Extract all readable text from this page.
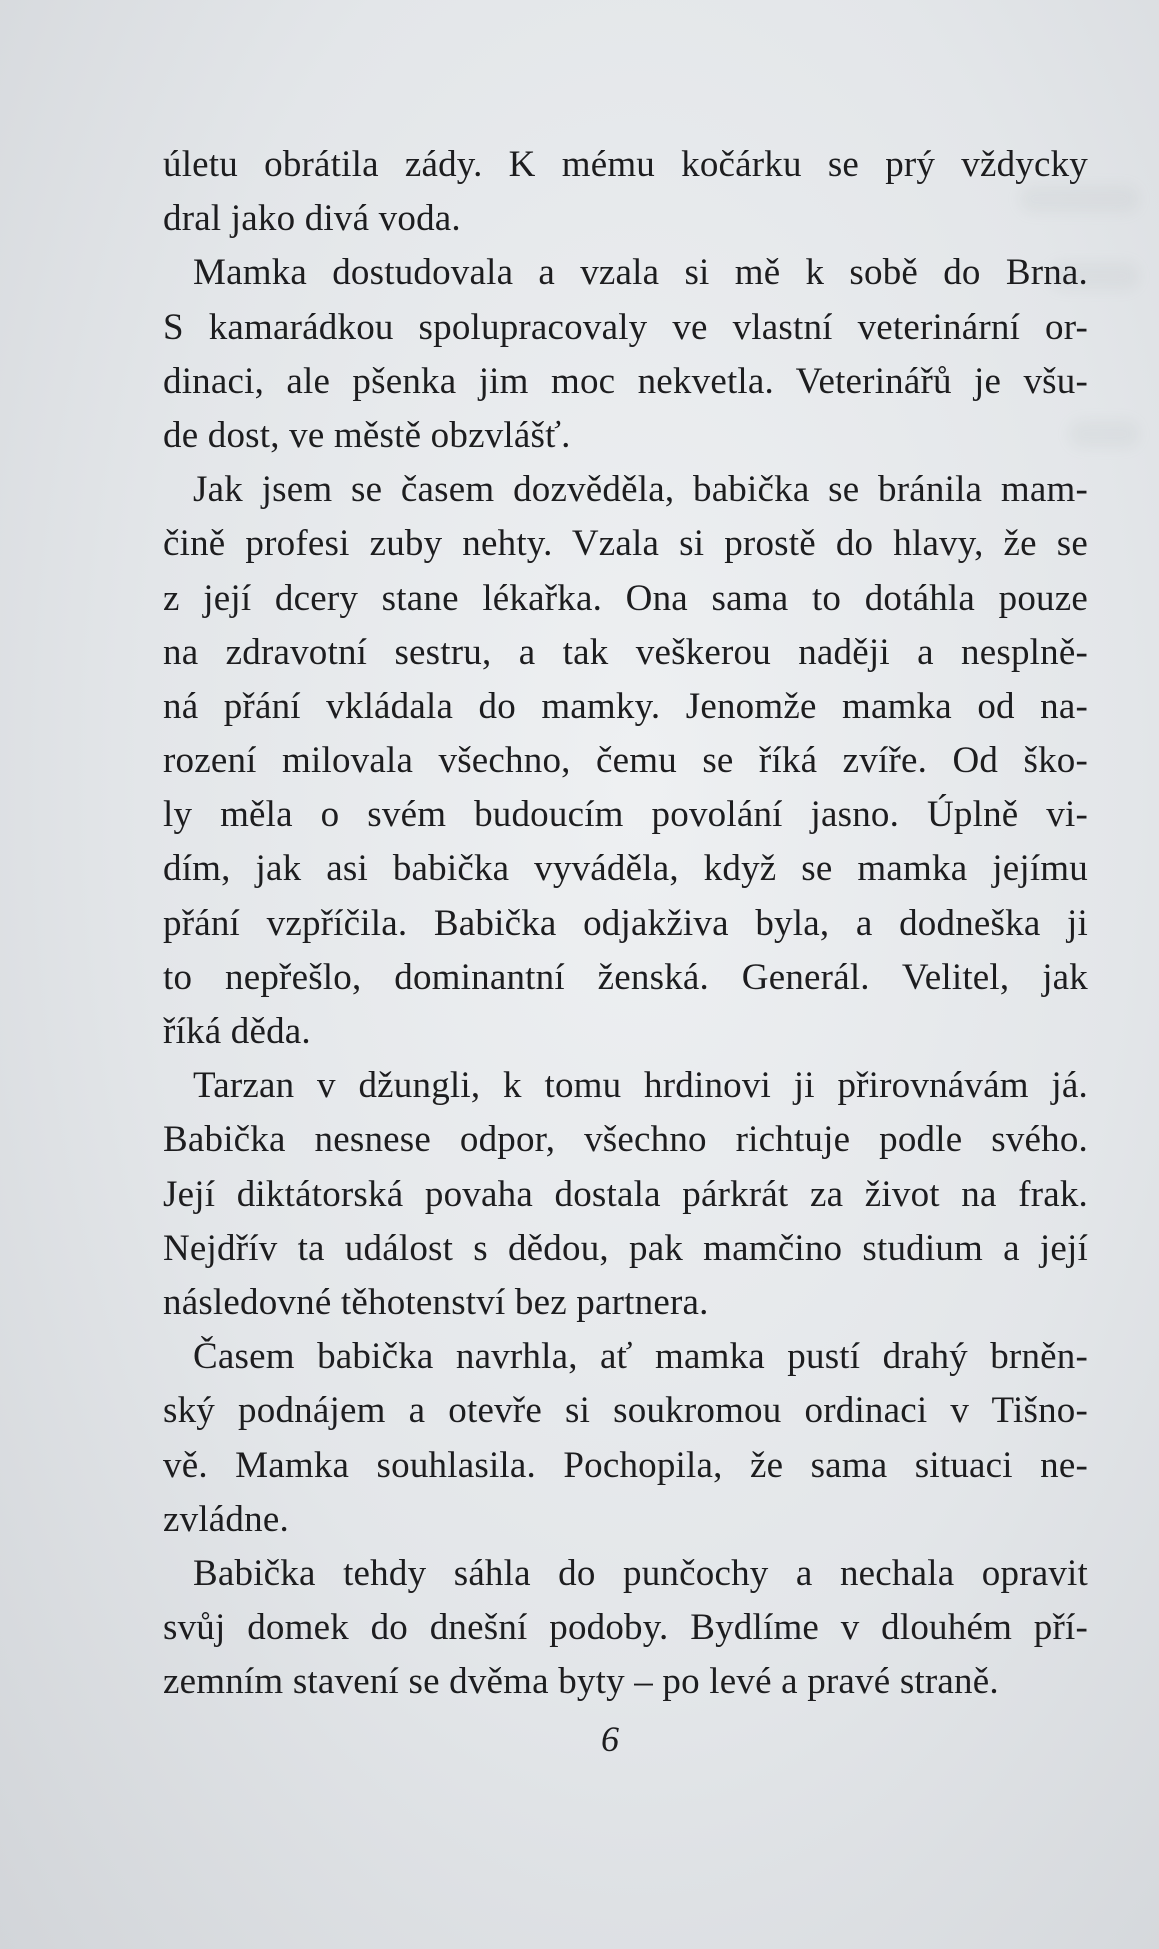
úletu obrátila zády. K mému kočárku se prý vždycky
dral jako divá voda.
Mamka dostudovala a vzala si mě k sobě do Brna.
S kamarádkou spolupracovaly ve vlastní veterinární or-
dinaci, ale pšenka jim moc nekvetla. Veterinářů je všu-
de dost, ve městě obzvlášť.
Jak jsem se časem dozvěděla, babička se bránila mam-
čině profesi zuby nehty. Vzala si prostě do hlavy, že se
z její dcery stane lékařka. Ona sama to dotáhla pouze
na zdravotní sestru, a tak veškerou naději a nesplně-
ná přání vkládala do mamky. Jenomže mamka od na-
rození milovala všechno, čemu se říká zvíře. Od ško-
ly měla o svém budoucím povolání jasno. Úplně vi-
dím, jak asi babička vyváděla, když se mamka jejímu
přání vzpříčila. Babička odjakživa byla, a dodneška ji
to nepřešlo, dominantní ženská. Generál. Velitel, jak
říká děda.
Tarzan v džungli, k tomu hrdinovi ji přirovnávám já.
Babička nesnese odpor, všechno richtuje podle svého.
Její diktátorská povaha dostala párkrát za život na frak.
Nejdřív ta událost s dědou, pak mamčino studium a její
následovné těhotenství bez partnera.
Časem babička navrhla, ať mamka pustí drahý brněn-
ský podnájem a otevře si soukromou ordinaci v Tišno-
vě. Mamka souhlasila. Pochopila, že sama situaci ne-
zvládne.
Babička tehdy sáhla do punčochy a nechala opravit
svůj domek do dnešní podoby. Bydlíme v dlouhém pří-
zemním stavení se dvěma byty – po levé a pravé straně.
6
